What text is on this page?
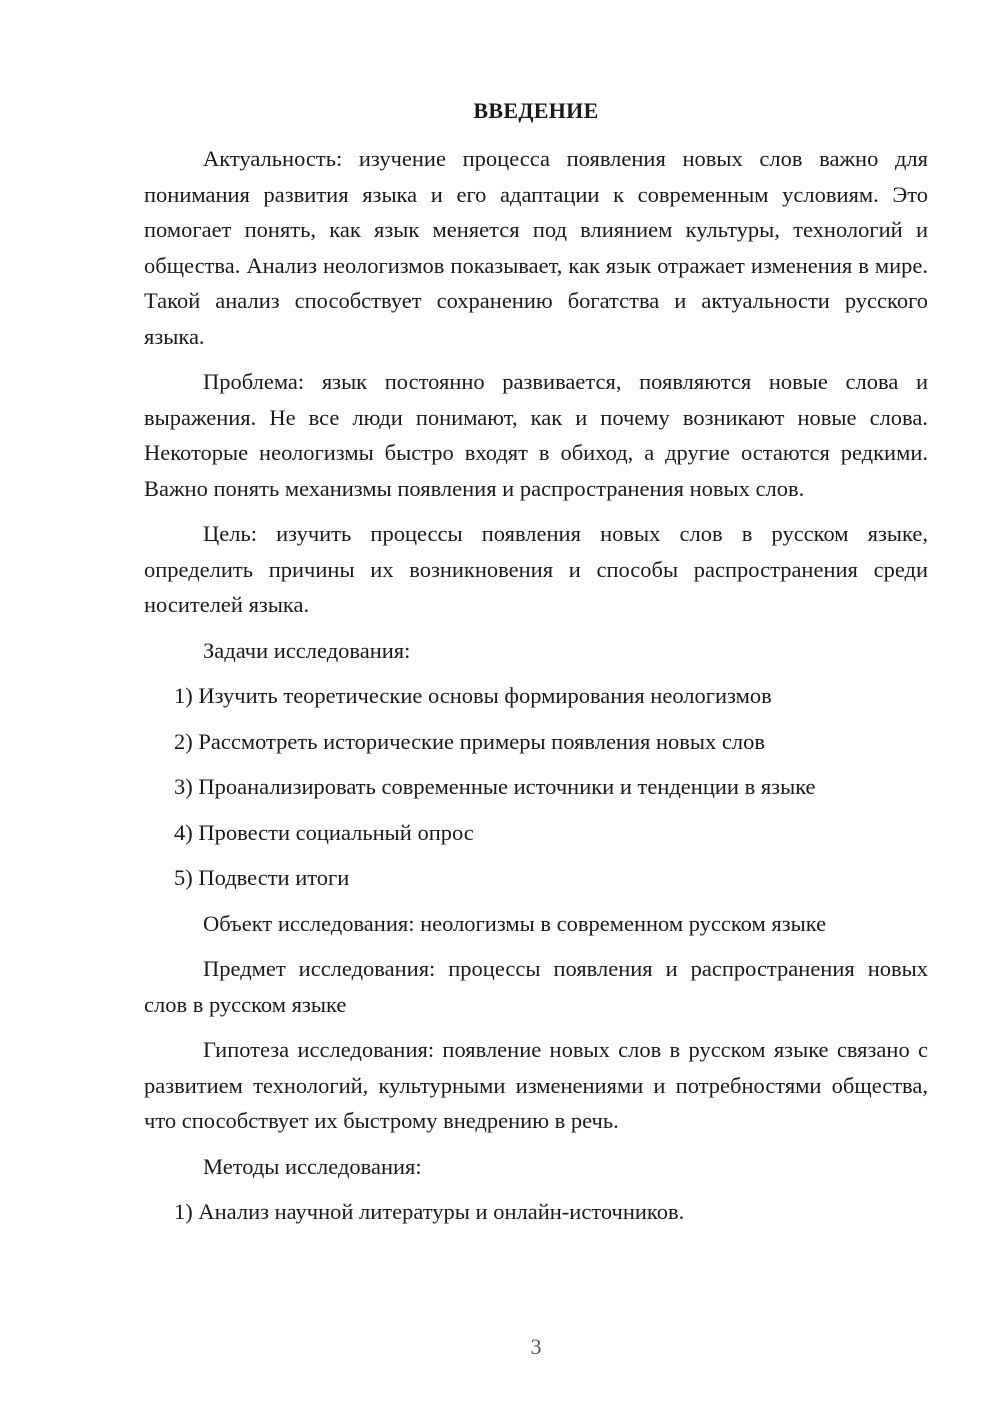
ВВЕДЕНИЕ

Актуальность: изучение процесса появления новых слов важно для понимания развития языка и его адаптации к современным условиям. Это помогает понять, как язык меняется под влиянием культуры, технологий и общества. Анализ неологизмов показывает, как язык отражает изменения в мире. Такой анализ способствует сохранению богатства и актуальности русского языка.

Проблема: язык постоянно развивается, появляются новые слова и выражения. Не все люди понимают, как и почему возникают новые слова. Некоторые неологизмы быстро входят в обиход, а другие остаются редкими. Важно понять механизмы появления и распространения новых слов.

Цель: изучить процессы появления новых слов в русском языке, определить причины их возникновения и способы распространения среди носителей языка.

Задачи исследования:

1) Изучить теоретические основы формирования неологизмов

2) Рассмотреть исторические примеры появления новых слов

3) Проанализировать современные источники и тенденции в языке

4) Провести социальный опрос

5) Подвести итоги

Объект исследования: неологизмы в современном русском языке

Предмет исследования: процессы появления и распространения новых слов в русском языке

Гипотеза исследования: появление новых слов в русском языке связано с развитием технологий, культурными изменениями и потребностями общества, что способствует их быстрому внедрению в речь.

Методы исследования:

1) Анализ научной литературы и онлайн-источников.

3
